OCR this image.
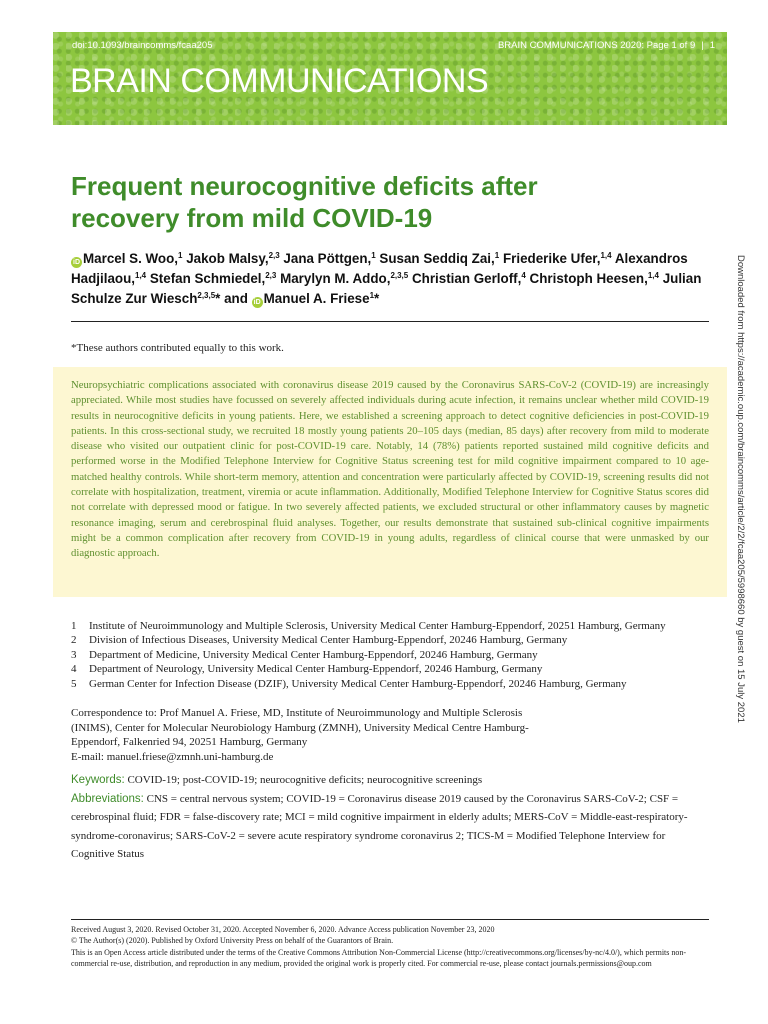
doi:10.1093/braincomms/fcaa205	BRAIN COMMUNICATIONS 2020: Page 1 of 9 | 1
BRAIN COMMUNICATIONS
Frequent neurocognitive deficits after recovery from mild COVID-19
iD Marcel S. Woo,$^1$ Jakob Malsy,$^{2,3}$ Jana Pöttgen,$^1$ Susan Seddiq Zai,$^1$ Friederike Ufer,$^{1,4}$ Alexandros Hadjilaou,$^{1,4}$ Stefan Schmiedel,$^{2,3}$ Marylyn M. Addo,$^{2,3,5}$ Christian Gerloff,$^4$ Christoph Heesen,$^{1,4}$ Julian Schulze Zur Wiesch$^{2,3,5}$* and iD Manuel A. Friese$^1$*
*These authors contributed equally to this work.

Neuropsychiatric complications associated with coronavirus disease 2019 caused by the Coronavirus SARS-CoV-2 (COVID-19) are increasingly appreciated. While most studies have focussed on severely affected individuals during acute infection, it remains unclear whether mild COVID-19 results in neurocognitive deficits in young patients. Here, we established a screening approach to detect cognitive deficiencies in post-COVID-19 patients. In this cross-sectional study, we recruited 18 mostly young patients 20–105 days (median, 85 days) after recovery from mild to moderate disease who visited our outpatient clinic for post-COVID-19 care. Notably, 14 (78%) patients reported sustained mild cognitive deficits and performed worse in the Modified Telephone Interview for Cognitive Status screening test for mild cognitive impairment compared to 10 age-matched healthy controls. While short-term memory, attention and concentration were particularly affected by COVID-19, screening results did not correlate with hospitalization, treatment, viremia or acute inflammation. Additionally, Modified Telephone Interview for Cognitive Status scores did not correlate with depressed mood or fatigue. In two severely affected patients, we excluded structural or other inflammatory causes by magnetic resonance imaging, serum and cerebrospinal fluid analyses. Together, our results demonstrate that sustained sub-clinical cognitive impairments might be a common complication after recovery from COVID-19 in young adults, regardless of clinical course that were unmasked by our diagnostic approach.

1	Institute of Neuroimmunology and Multiple Sclerosis, University Medical Center Hamburg-Eppendorf, 20251 Hamburg, Germany
2	Division of Infectious Diseases, University Medical Center Hamburg-Eppendorf, 20246 Hamburg, Germany
3	Department of Medicine, University Medical Center Hamburg-Eppendorf, 20246 Hamburg, Germany
4	Department of Neurology, University Medical Center Hamburg-Eppendorf, 20246 Hamburg, Germany
5	German Center for Infection Disease (DZIF), University Medical Center Hamburg-Eppendorf, 20246 Hamburg, Germany
Correspondence to: Prof Manuel A. Friese, MD, Institute of Neuroimmunology and Multiple Sclerosis (INIMS), Center for Molecular Neurobiology Hamburg (ZMNH), University Medical Centre Hamburg-Eppendorf, Falkenried 94, 20251 Hamburg, Germany
E-mail: manuel.friese@zmnh.uni-hamburg.de
Keywords: COVID-19; post-COVID-19; neurocognitive deficits; neurocognitive screenings
Abbreviations: CNS = central nervous system; COVID-19 = Coronavirus disease 2019 caused by the Coronavirus SARS-CoV-2; CSF = cerebrospinal fluid; FDR = false-discovery rate; MCI = mild cognitive impairment in elderly adults; MERS-CoV = Middle-east-respiratory-syndrome-coronavirus; SARS-CoV-2 = severe acute respiratory syndrome coronavirus 2; TICS-M = Modified Telephone Interview for Cognitive Status
Received August 3, 2020. Revised October 31, 2020. Accepted November 6, 2020. Advance Access publication November 23, 2020
© The Author(s) (2020). Published by Oxford University Press on behalf of the Guarantors of Brain.
This is an Open Access article distributed under the terms of the Creative Commons Attribution Non-Commercial License (http://creativecommons.org/licenses/by-nc/4.0/), which permits non-commercial re-use, distribution, and reproduction in any medium, provided the original work is properly cited. For commercial re-use, please contact journals.permissions@oup.com
Downloaded from https://academic.oup.com/braincomms/article/2/2/fcaa205/5998660 by guest on 15 July 2021
